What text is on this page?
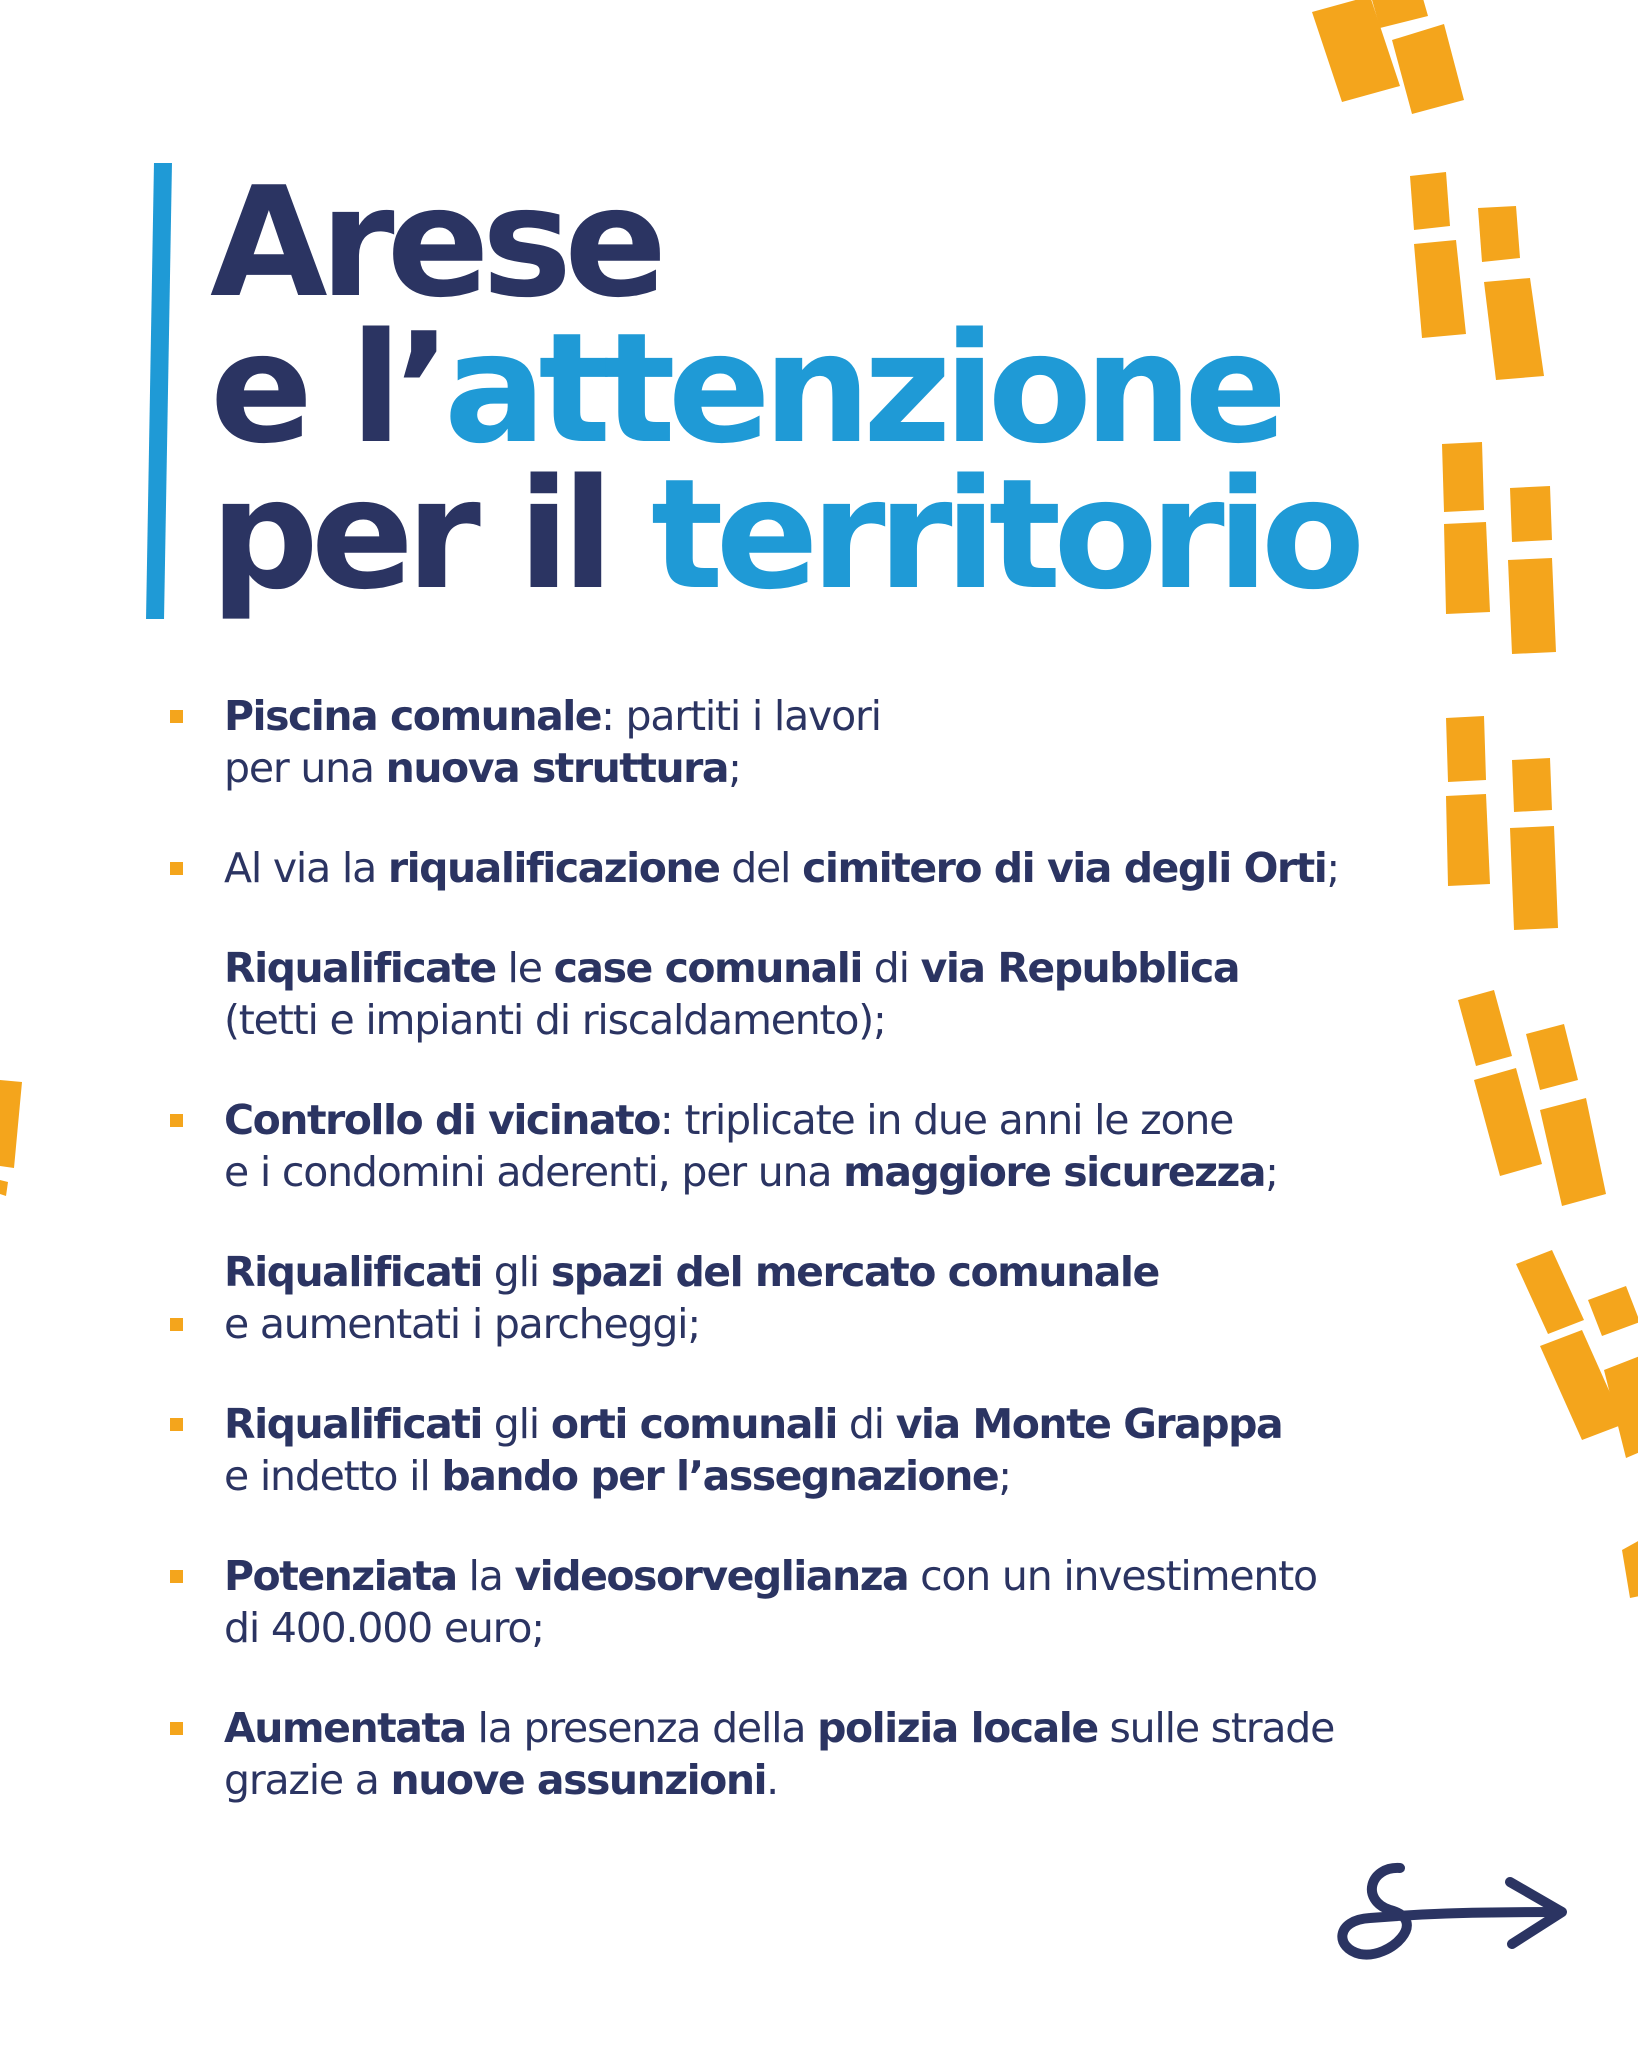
Arese
e l’attenzione
per il territorio
Piscina comunale: partiti i lavori
per una nuova struttura;
Al via la riqualificazione del cimitero di via degli Orti;
Riqualificate le case comunali di via Repubblica
(tetti e impianti di riscaldamento);
Controllo di vicinato: triplicate in due anni le zone
e i condomini aderenti, per una maggiore sicurezza;
Riqualificati gli spazi del mercato comunale
e aumentati i parcheggi;
Riqualificati gli orti comunali di via Monte Grappa
e indetto il bando per l’assegnazione;
Potenziata la videosorveglianza con un investimento
di 400.000 euro;
Aumentata la presenza della polizia locale sulle strade
grazie a nuove assunzioni.
